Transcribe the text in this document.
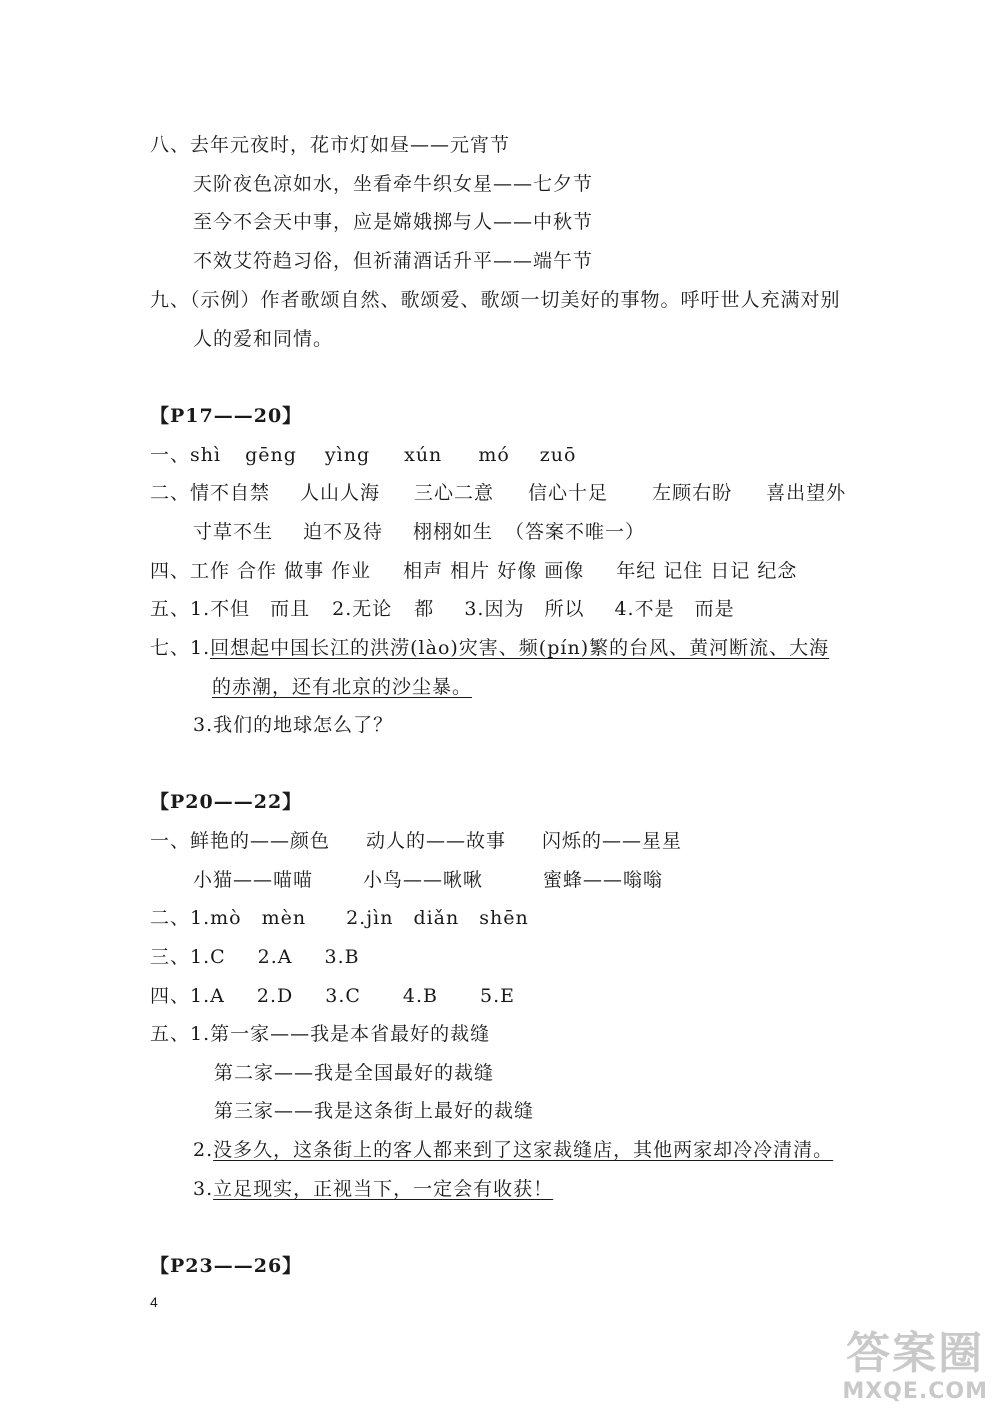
八、去年元夜时，花市灯如昼——元宵节
天阶夜色凉如水，坐看牵牛织女星——七夕节
至今不会天中事，应是嫦娥掷与人——中秋节
不效艾符趋习俗，但祈蒲酒话升平——端午节
九、（示例）作者歌颂自然、歌颂爱、歌颂一切美好的事物。呼吁世人充满对别
人的爱和同情。
【P17——20】
一、shì gēng yìng xún mó zuō
二、情不自禁 人山人海 三心二意 信心十足 左顾右盼 喜出望外
寸草不生 迫不及待 栩栩如生 （答案不唯一）
四、工作 合作 做事 作业 相声 相片 好像 画像 年纪 记住 日记 纪念
五、1.不但 而且 2.无论 都 3.因为 所以 4.不是 而是
七、1.回想起中国长江的洪涝(lào)灾害、频(pín)繁的台风、黄河断流、大海
的赤潮，还有北京的沙尘暴。
3.我们的地球怎么了？
【P20——22】
一、鲜艳的——颜色 动人的——故事 闪烁的——星星
小猫——喵喵	小鸟——啾啾	蜜蜂——嗡嗡
二、1.mò mèn 2.jìn diǎn shēn
三、1.C 2.A 3.B
四、1.A 2.D 3.C 4.B 5.E
五、1.第一家——我是本省最好的裁缝
第二家——我是全国最好的裁缝
第三家——我是这条街上最好的裁缝
2.没多久，这条街上的客人都来到了这家裁缝店，其他两家却冷冷清清。
3.立足现实，正视当下，一定会有收获！
【P23——26】
4
答案圈
MXQE.COM
